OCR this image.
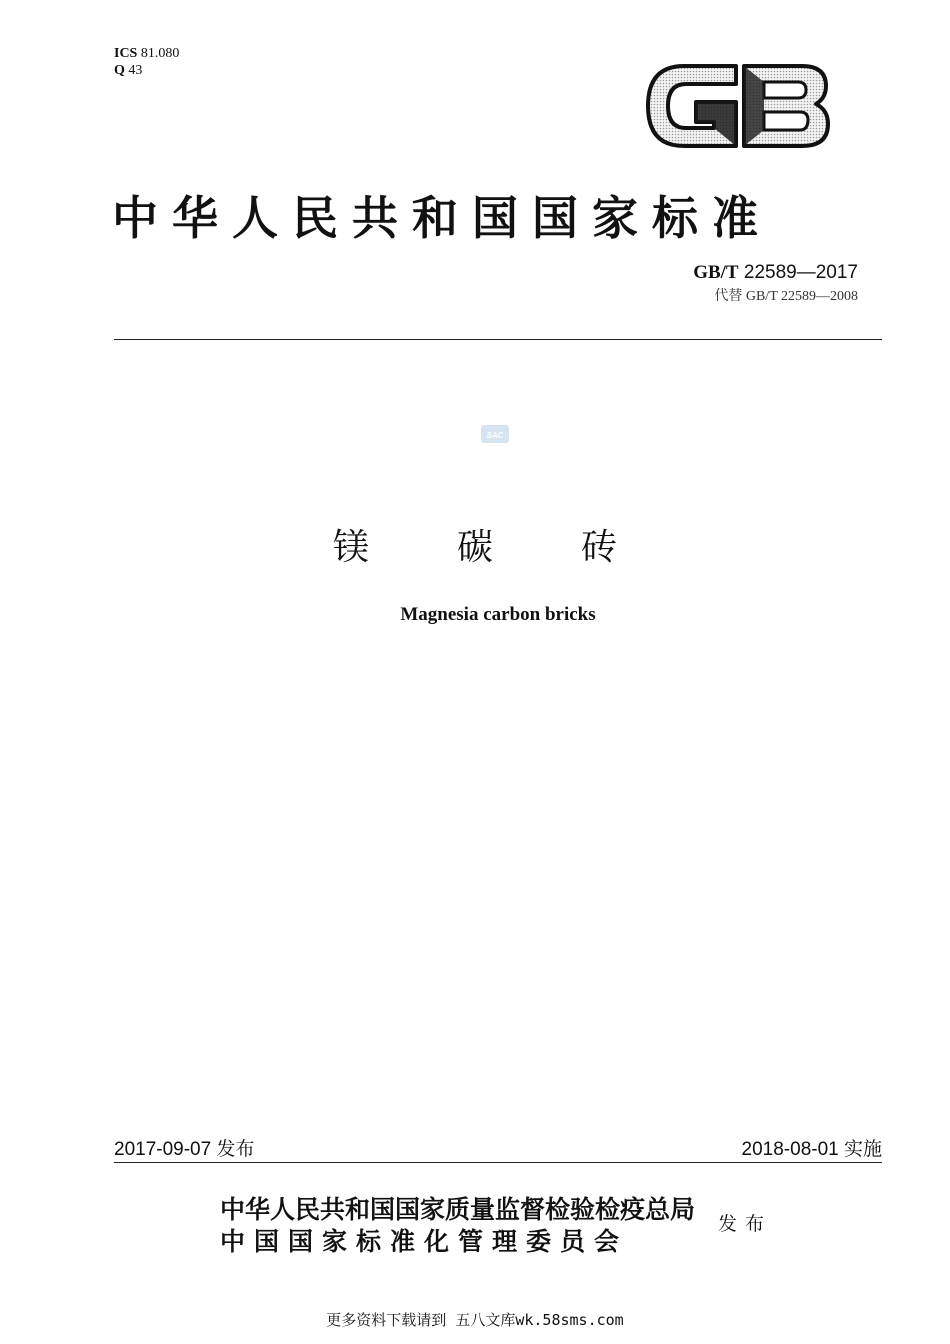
ICS 81.080
Q 43
中华人民共和国国家标准
GB/T 22589—2017
代替 GB/T 22589—2008
SAC
镁 碳 砖
Magnesia carbon bricks
2017-09-07 发布	2018-08-01 实施
中华人民共和国国家质量监督检验检疫总局
中国国家标准化管理委员会
发布
更多资料下载请到 五八文库wk.58sms.com
